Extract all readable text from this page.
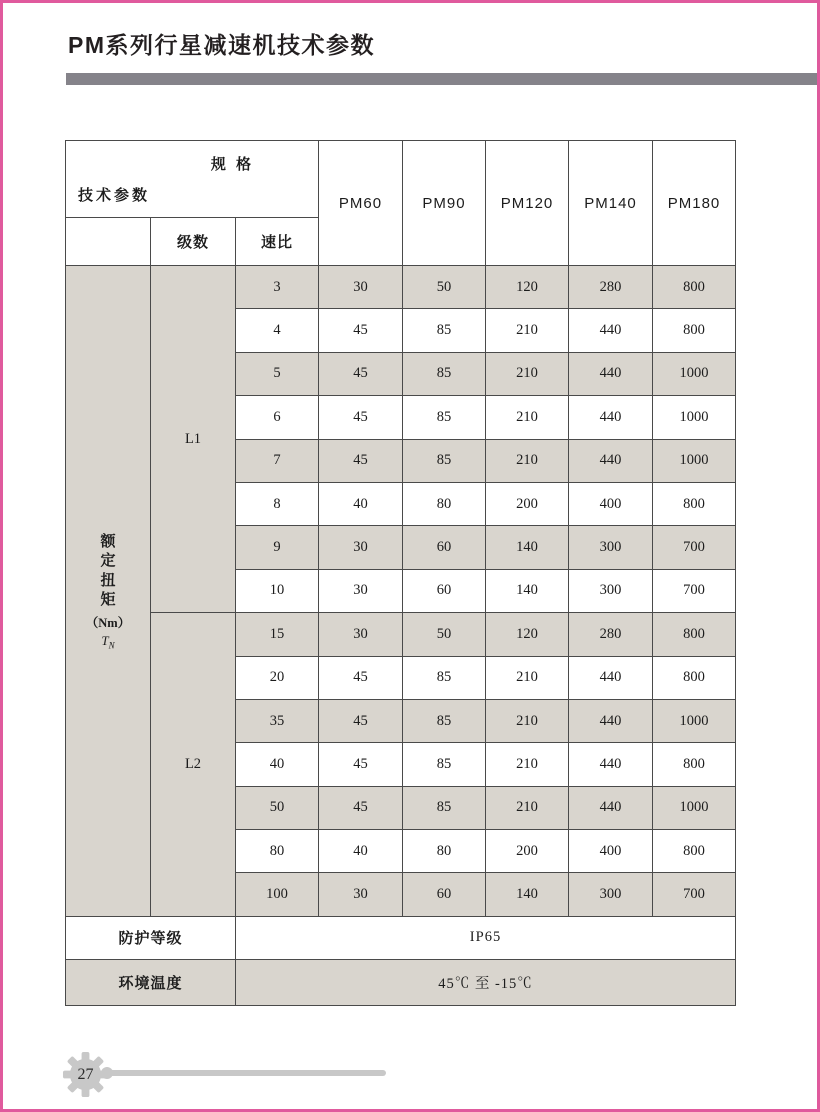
PM系列行星减速机技术参数
规 格
技术参数			PM60	PM90	PM120	PM140	PM180
	级数	速比					

额定扭矩
（Nm）
$T_N$	L1	3	30	50	120	280	800
		4	45	85	210	440	800
		5	45	85	210	440	1000
		6	45	85	210	440	1000
		7	45	85	210	440	1000
		8	40	80	200	400	800
		9	30	60	140	300	700
		10	30	60	140	300	700
	L2	15	30	50	120	280	800
		20	45	85	210	440	800
		35	45	85	210	440	1000
		40	45	85	210	440	800
		50	45	85	210	440	1000
		80	40	80	200	400	800
		100	30	60	140	300	700
防护等级		IP65					
环境温度		45℃ 至 -15℃					
27
